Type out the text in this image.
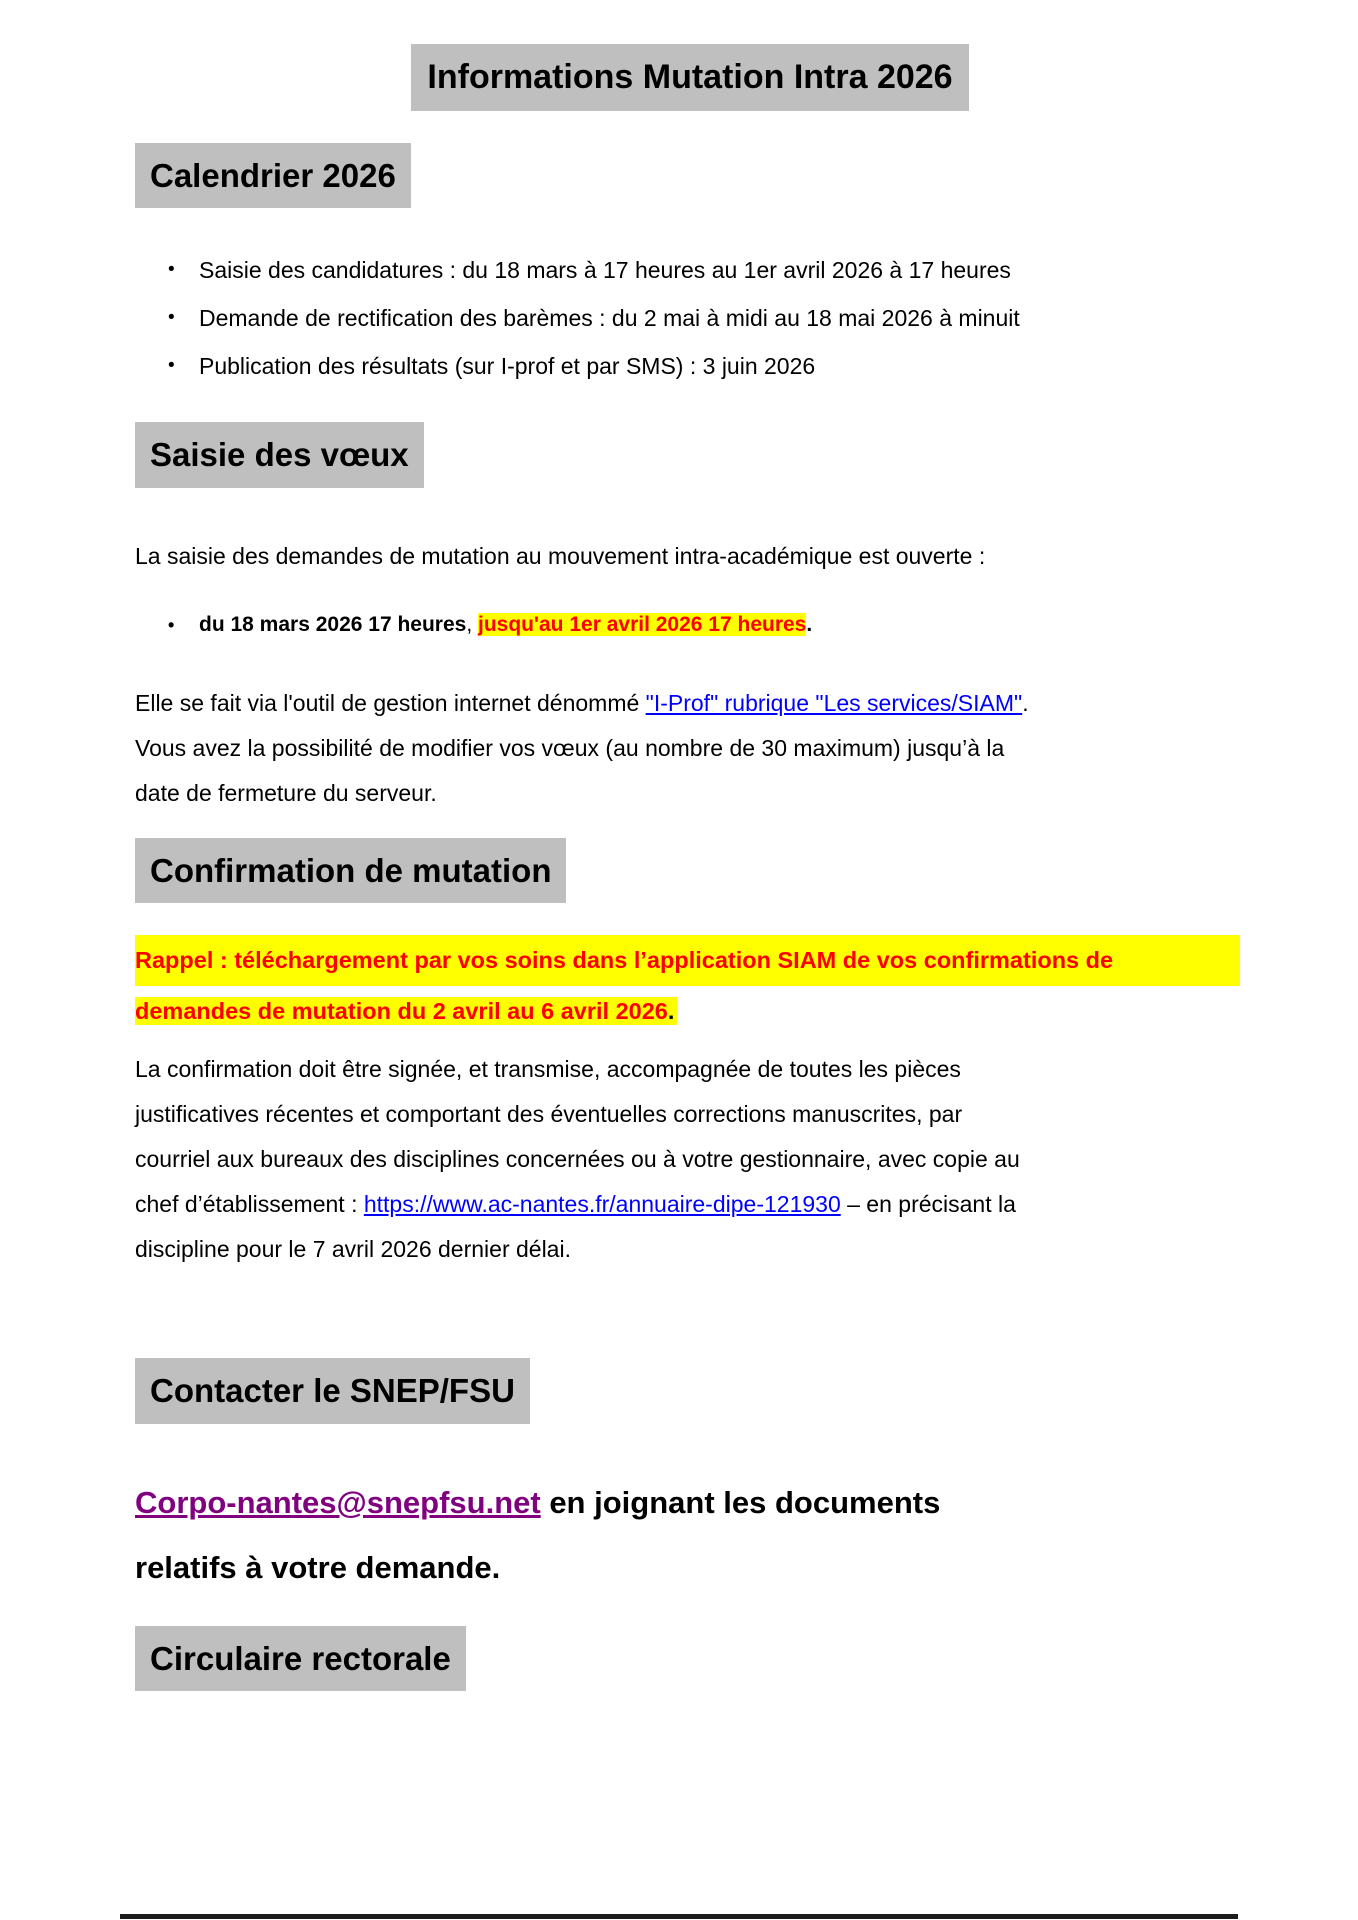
Informations Mutation Intra 2026
Calendrier 2026
• Saisie des candidatures : du 18 mars à 17 heures au 1er avril 2026 à 17 heures
• Demande de rectification des barèmes : du 2 mai à midi au 18 mai 2026 à minuit
• Publication des résultats (sur I-prof et par SMS) : 3 juin 2026
Saisie des vœux
La saisie des demandes de mutation au mouvement intra-académique est ouverte :
• du 18 mars 2026 17 heures, jusqu'au 1er avril 2026 17 heures.
Elle se fait via l'outil de gestion internet dénommé "I-Prof" rubrique "Les services/SIAM".
Vous avez la possibilité de modifier vos vœux (au nombre de 30 maximum) jusqu’à la
date de fermeture du serveur.
Confirmation de mutation
Rappel : téléchargement par vos soins dans l’application SIAM de vos confirmations de
demandes de mutation du 2 avril au 6 avril 2026.
La confirmation doit être signée, et transmise, accompagnée de toutes les pièces
justificatives récentes et comportant des éventuelles corrections manuscrites, par
courriel aux bureaux des disciplines concernées ou à votre gestionnaire, avec copie au
chef d’établissement : https://www.ac-nantes.fr/annuaire-dipe-121930 – en précisant la
discipline pour le 7 avril 2026 dernier délai.
Contacter le SNEP/FSU
Corpo-nantes@snepfsu.net en joignant les documents
relatifs à votre demande.
Circulaire rectorale
